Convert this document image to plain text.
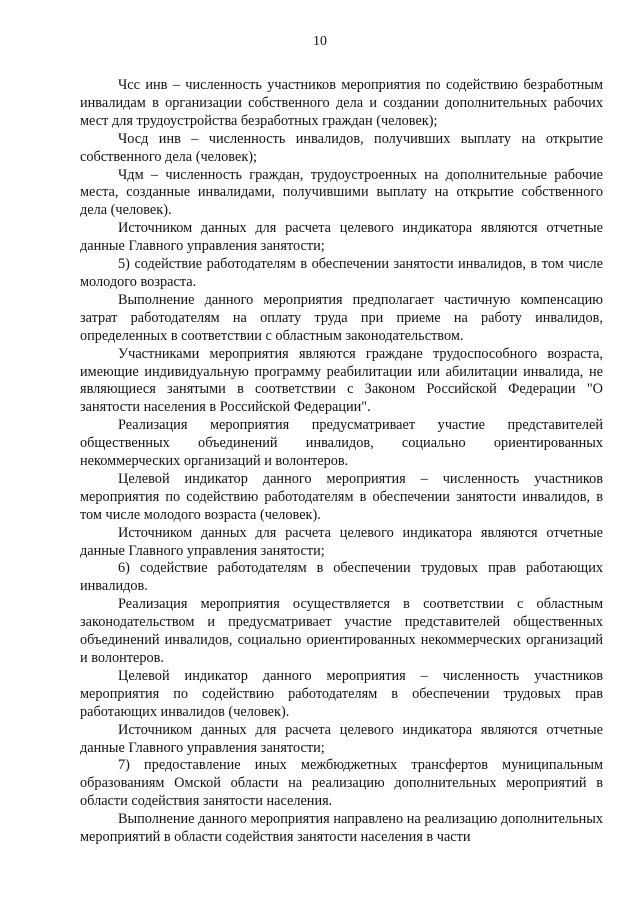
10

Чсс инв – численность участников мероприятия по содействию безработным инвалидам в организации собственного дела и создании дополнительных рабочих мест для трудоустройства безработных граждан (человек);

Чосд инв – численность инвалидов, получивших выплату на открытие собственного дела (человек);

Чдм – численность граждан, трудоустроенных на дополнительные рабочие места, созданные инвалидами, получившими выплату на открытие собственного дела (человек).

Источником данных для расчета целевого индикатора являются отчетные данные Главного управления занятости;

5) содействие работодателям в обеспечении занятости инвалидов, в том числе молодого возраста.

Выполнение данного мероприятия предполагает частичную компенсацию затрат работодателям на оплату труда при приеме на работу инвалидов, определенных в соответствии с областным законодательством.

Участниками мероприятия являются граждане трудоспособного возраста, имеющие индивидуальную программу реабилитации или абилитации инвалида, не являющиеся занятыми в соответствии с Законом Российской Федерации "О занятости населения в Российской Федерации".

Реализация мероприятия предусматривает участие представителей общественных объединений инвалидов, социально ориентированных некоммерческих организаций и волонтеров.

Целевой индикатор данного мероприятия – численность участников мероприятия по содействию работодателям в обеспечении занятости инвалидов, в том числе молодого возраста (человек).

Источником данных для расчета целевого индикатора являются отчетные данные Главного управления занятости;

6) содействие работодателям в обеспечении трудовых прав работающих инвалидов.

Реализация мероприятия осуществляется в соответствии с областным законодательством и предусматривает участие представителей общественных объединений инвалидов, социально ориентированных некоммерческих организаций и волонтеров.

Целевой индикатор данного мероприятия – численность участников мероприятия по содействию работодателям в обеспечении трудовых прав работающих инвалидов (человек).

Источником данных для расчета целевого индикатора являются отчетные данные Главного управления занятости;

7) предоставление иных межбюджетных трансфертов муниципальным образованиям Омской области на реализацию дополнительных мероприятий в области содействия занятости населения.

Выполнение данного мероприятия направлено на реализацию дополнительных мероприятий в области содействия занятости населения в части
